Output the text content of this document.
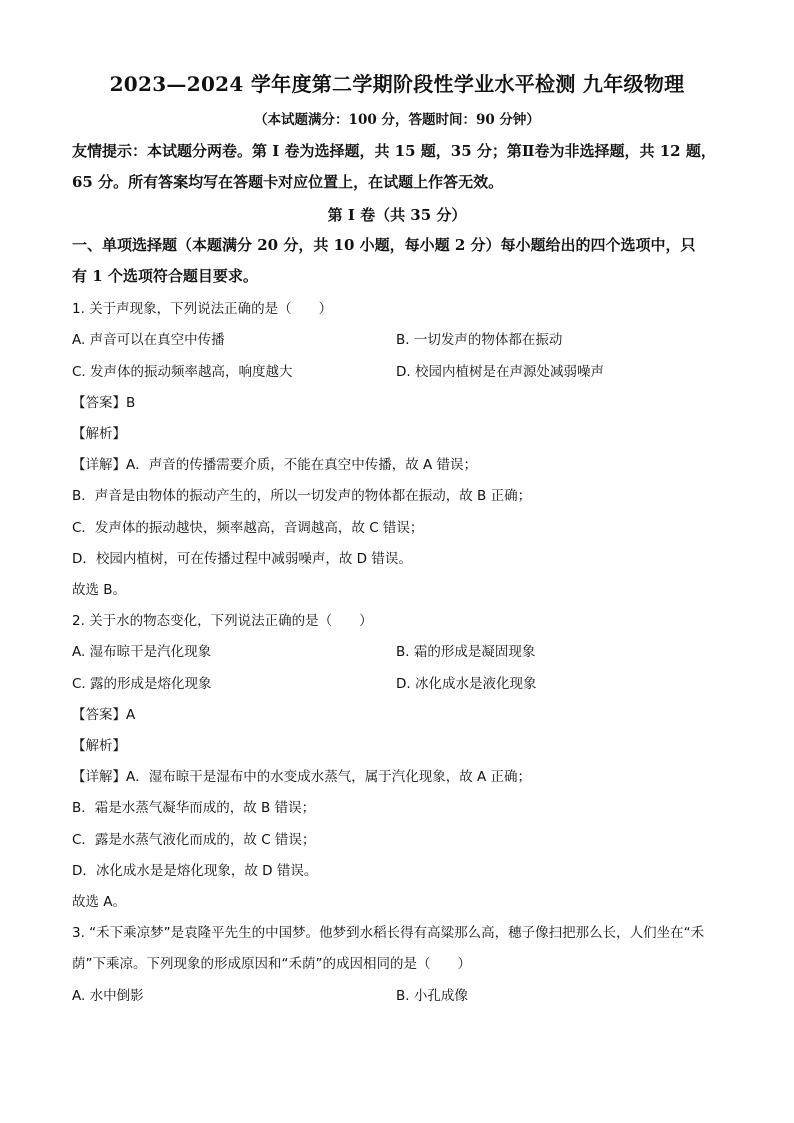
2023—2024 学年度第二学期阶段性学业水平检测 九年级物理
（本试题满分：100 分，答题时间：90 分钟）
友情提示：本试题分两卷。第 I 卷为选择题，共 15 题，35 分；第Ⅱ卷为非选择题，共 12 题，
65 分。所有答案均写在答题卡对应位置上，在试题上作答无效。
第 I 卷（共 35 分）
一、单项选择题（本题满分 20 分，共 10 小题，每小题 2 分）每小题给出的四个选项中，只
有 1 个选项符合题目要求。
1. 关于声现象，下列说法正确的是（　　）
A. 声音可以在真空中传播	B. 一切发声的物体都在振动
C. 发声体的振动频率越高，响度越大	D. 校园内植树是在声源处减弱噪声
【答案】B
【解析】
【详解】A．声音的传播需要介质，不能在真空中传播，故 A 错误；
B．声音是由物体的振动产生的，所以一切发声的物体都在振动，故 B 正确；
C．发声体的振动越快，频率越高，音调越高，故 C 错误；
D．校园内植树，可在传播过程中减弱噪声，故 D 错误。
故选 B。
2. 关于水的物态变化，下列说法正确的是（　　）
A. 湿布晾干是汽化现象	B. 霜的形成是凝固现象
C. 露的形成是熔化现象	D. 冰化成水是液化现象
【答案】A
【解析】
【详解】A．湿布晾干是湿布中的水变成水蒸气，属于汽化现象，故 A 正确；
B．霜是水蒸气凝华而成的，故 B 错误；
C．露是水蒸气液化而成的，故 C 错误；
D．冰化成水是是熔化现象，故 D 错误。
故选 A。
3. “禾下乘凉梦”是袁隆平先生的中国梦。他梦到水稻长得有高粱那么高，穗子像扫把那么长，人们坐在“禾
荫”下乘凉。下列现象的形成原因和“禾荫”的成因相同的是（　　）
A. 水中倒影	B. 小孔成像
